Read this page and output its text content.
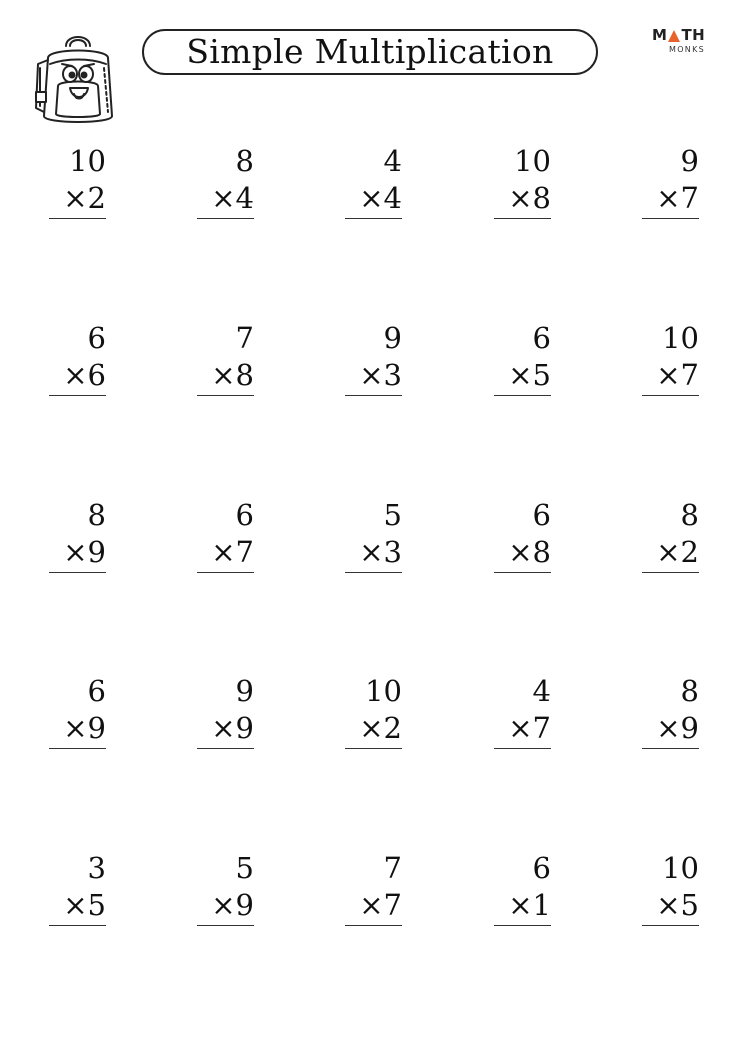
Simple Multiplication	M TH
MONKS
10
×2
8
×4
4
×4
10
×8
9
×7
6
×6
7
×8
9
×3
6
×5
10
×7
8
×9
6
×7
5
×3
6
×8
8
×2
6
×9
9
×9
10
×2
4
×7
8
×9
3
×5
5
×9
7
×7
6
×1
10
×5
